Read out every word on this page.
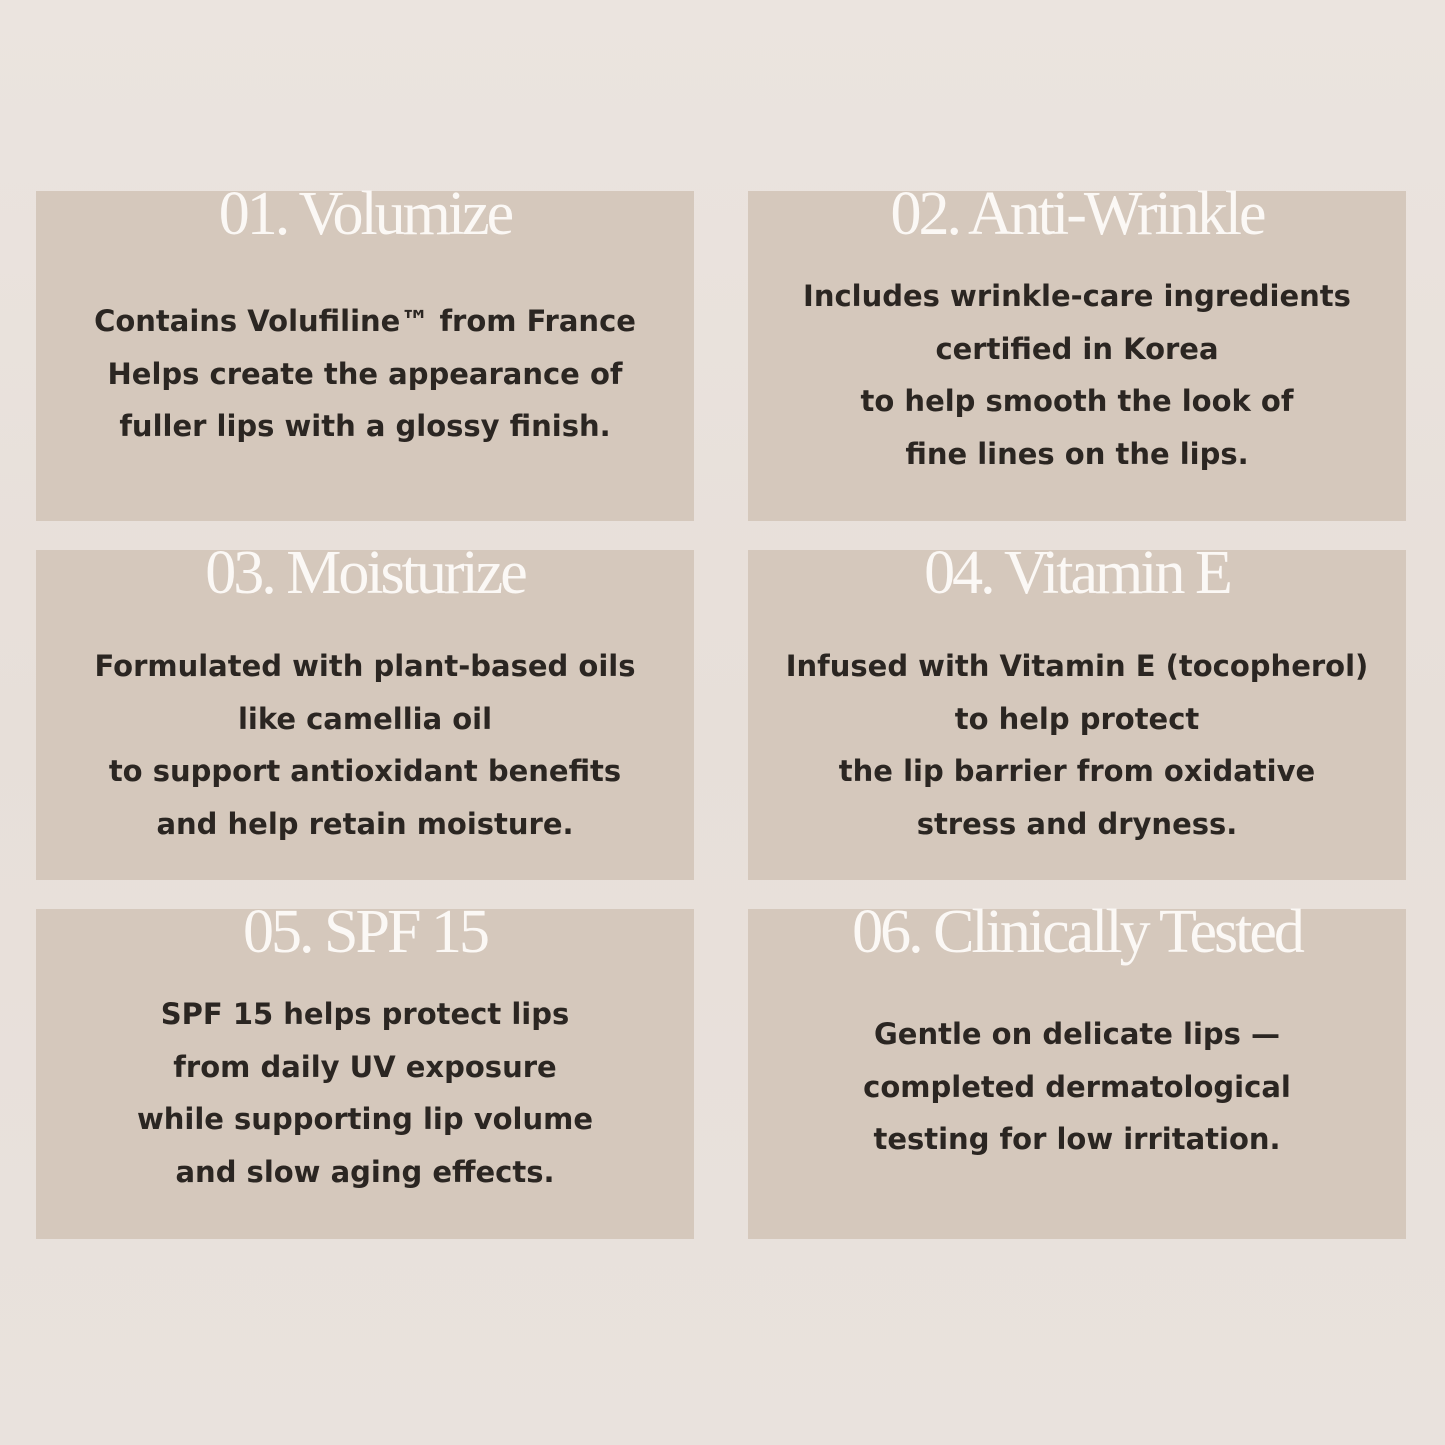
01. Volumize
Contains Volufiline™ from France
Helps create the appearance of
fuller lips with a glossy finish.
02. Anti-Wrinkle
Includes wrinkle-care ingredients
certified in Korea
to help smooth the look of
fine lines on the lips.
03. Moisturize
Formulated with plant-based oils
like camellia oil
to support antioxidant benefits
and help retain moisture.
04. Vitamin E
Infused with Vitamin E (tocopherol)
to help protect
the lip barrier from oxidative
stress and dryness.
05. SPF 15
SPF 15 helps protect lips
from daily UV exposure
while supporting lip volume
and slow aging effects.
06. Clinically Tested
Gentle on delicate lips —
completed dermatological
testing for low irritation.
